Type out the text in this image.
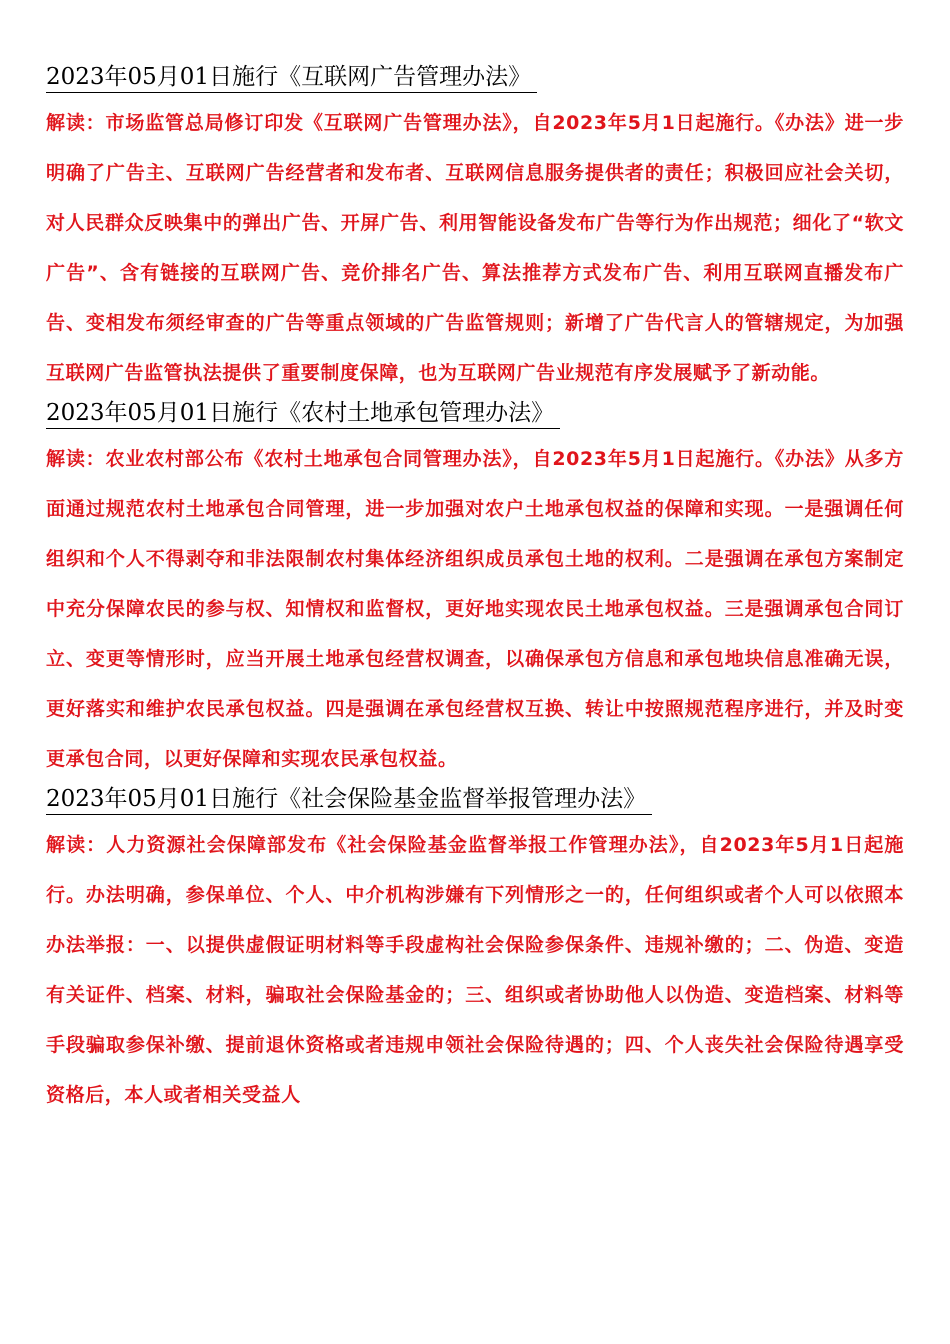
2023年05月01日施行《互联网广告管理办法》

解读：市场监管总局修订印发《互联网广告管理办法》，自2023年5月1日起施行。《办法》进一步明确了广告主、互联网广告经营者和发布者、互联网信息服务提供者的责任；积极回应社会关切，对人民群众反映集中的弹出广告、开屏广告、利用智能设备发布广告等行为作出规范；细化了“软文广告”、含有链接的互联网广告、竞价排名广告、算法推荐方式发布广告、利用互联网直播发布广告、变相发布须经审查的广告等重点领域的广告监管规则；新增了广告代言人的管辖规定，为加强互联网广告监管执法提供了重要制度保障，也为互联网广告业规范有序发展赋予了新动能。

2023年05月01日施行《农村土地承包管理办法》

解读：农业农村部公布《农村土地承包合同管理办法》，自2023年5月1日起施行。《办法》从多方面通过规范农村土地承包合同管理，进一步加强对农户土地承包权益的保障和实现。一是强调任何组织和个人不得剥夺和非法限制农村集体经济组织成员承包土地的权利。二是强调在承包方案制定中充分保障农民的参与权、知情权和监督权，更好地实现农民土地承包权益。三是强调承包合同订立、变更等情形时，应当开展土地承包经营权调查，以确保承包方信息和承包地块信息准确无误，更好落实和维护农民承包权益。四是强调在承包经营权互换、转让中按照规范程序进行，并及时变更承包合同，以更好保障和实现农民承包权益。

2023年05月01日施行《社会保险基金监督举报管理办法》

解读：人力资源社会保障部发布《社会保险基金监督举报工作管理办法》，自2023年5月1日起施行。办法明确，参保单位、个人、中介机构涉嫌有下列情形之一的，任何组织或者个人可以依照本办法举报：一、以提供虚假证明材料等手段虚构社会保险参保条件、违规补缴的；二、伪造、变造有关证件、档案、材料，骗取社会保险基金的；三、组织或者协助他人以伪造、变造档案、材料等手段骗取参保补缴、提前退休资格或者违规申领社会保险待遇的；四、个人丧失社会保险待遇享受资格后，本人或者相关受益人
